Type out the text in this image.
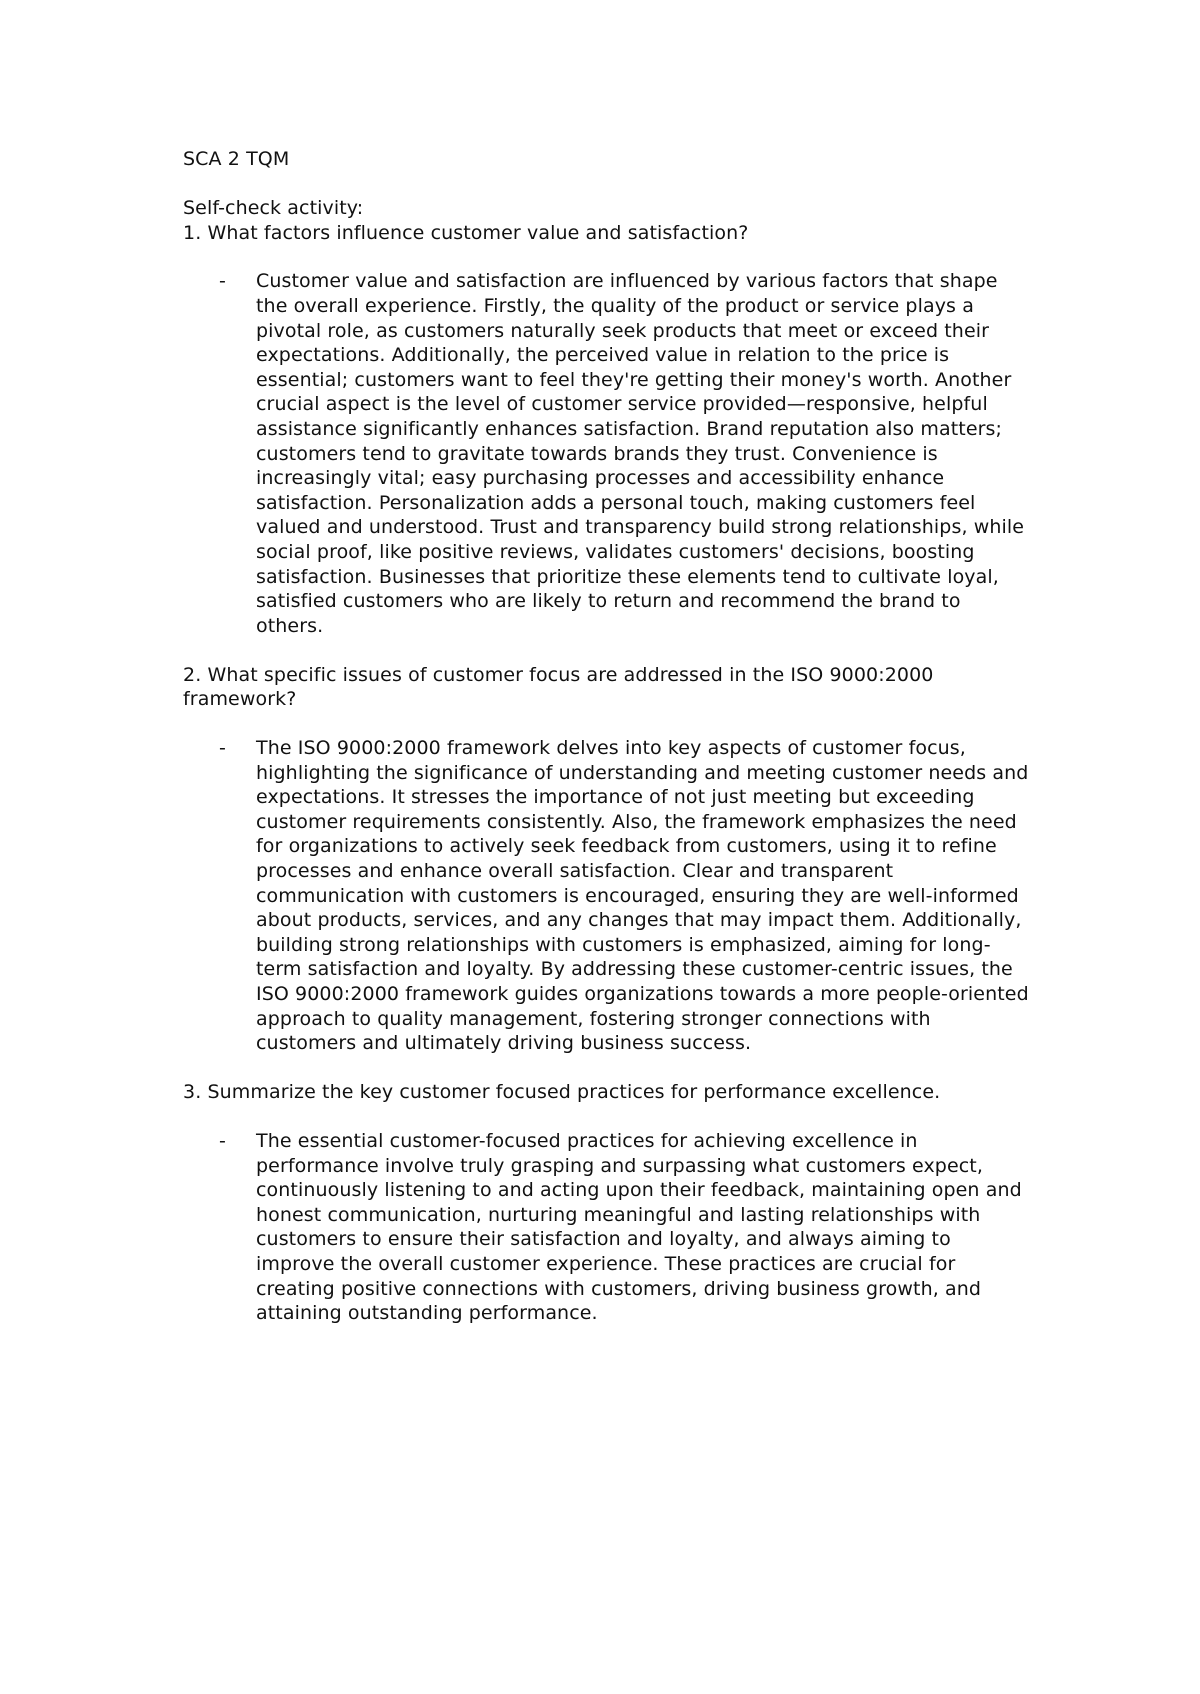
SCA 2 TQM

Self-check activity:

1. What factors influence customer value and satisfaction?

- Customer value and satisfaction are influenced by various factors that shape the overall experience. Firstly, the quality of the product or service plays a pivotal role, as customers naturally seek products that meet or exceed their expectations. Additionally, the perceived value in relation to the price is essential; customers want to feel they're getting their money's worth. Another crucial aspect is the level of customer service provided—responsive, helpful assistance significantly enhances satisfaction. Brand reputation also matters; customers tend to gravitate towards brands they trust. Convenience is increasingly vital; easy purchasing processes and accessibility enhance satisfaction. Personalization adds a personal touch, making customers feel valued and understood. Trust and transparency build strong relationships, while social proof, like positive reviews, validates customers' decisions, boosting satisfaction. Businesses that prioritize these elements tend to cultivate loyal, satisfied customers who are likely to return and recommend the brand to others.

2. What specific issues of customer focus are addressed in the ISO 9000:2000 framework?

- The ISO 9000:2000 framework delves into key aspects of customer focus, highlighting the significance of understanding and meeting customer needs and expectations. It stresses the importance of not just meeting but exceeding customer requirements consistently. Also, the framework emphasizes the need for organizations to actively seek feedback from customers, using it to refine processes and enhance overall satisfaction. Clear and transparent communication with customers is encouraged, ensuring they are well-informed about products, services, and any changes that may impact them. Additionally, building strong relationships with customers is emphasized, aiming for long-term satisfaction and loyalty. By addressing these customer-centric issues, the ISO 9000:2000 framework guides organizations towards a more people-oriented approach to quality management, fostering stronger connections with customers and ultimately driving business success.

3. Summarize the key customer focused practices for performance excellence.

- The essential customer-focused practices for achieving excellence in performance involve truly grasping and surpassing what customers expect, continuously listening to and acting upon their feedback, maintaining open and honest communication, nurturing meaningful and lasting relationships with customers to ensure their satisfaction and loyalty, and always aiming to improve the overall customer experience. These practices are crucial for creating positive connections with customers, driving business growth, and attaining outstanding performance.
